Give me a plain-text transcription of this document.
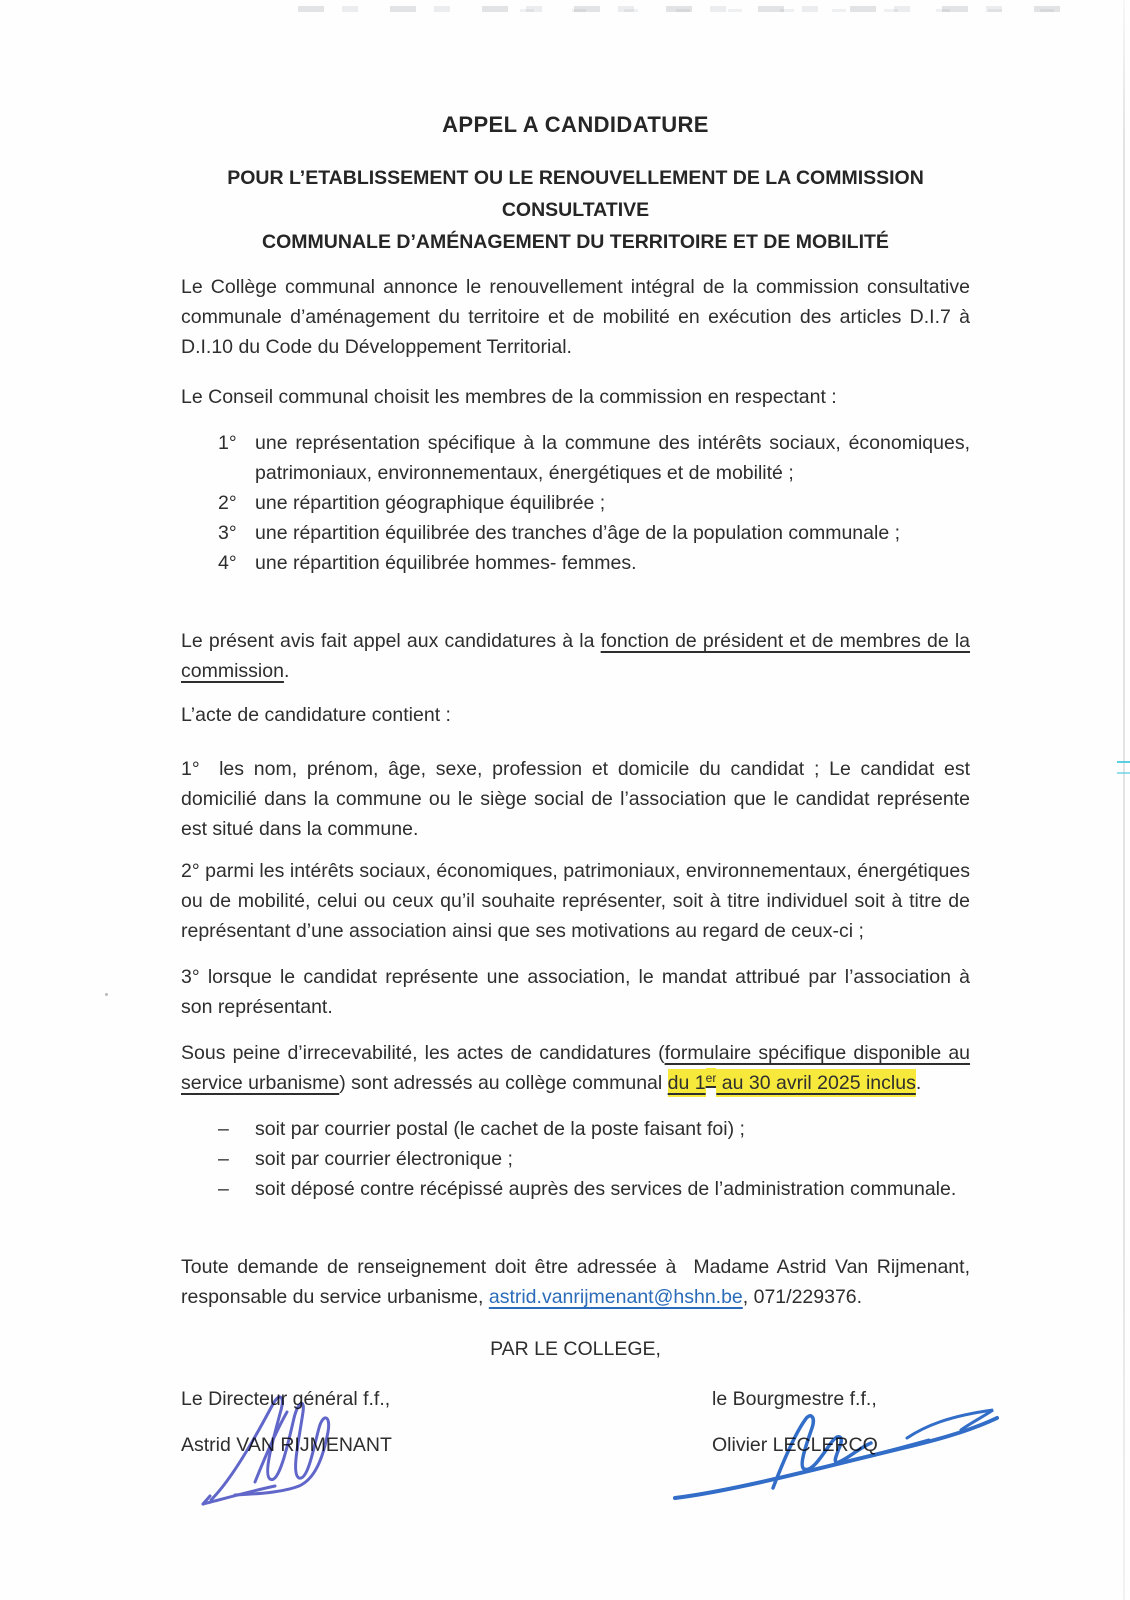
APPEL A CANDIDATURE

POUR L’ETABLISSEMENT OU LE RENOUVELLEMENT DE LA COMMISSION CONSULTATIVE
COMMUNALE D’AMÉNAGEMENT DU TERRITOIRE ET DE MOBILITÉ

Le Collège communal annonce le renouvellement intégral de la commission consultative communale d’aménagement du territoire et de mobilité en exécution des articles D.I.7 à D.I.10 du Code du Développement Territorial.

Le Conseil communal choisit les membres de la commission en respectant :

1° une représentation spécifique à la commune des intérêts sociaux, économiques, patrimoniaux, environnementaux, énergétiques et de mobilité ;
2° une répartition géographique équilibrée ;
3° une répartition équilibrée des tranches d’âge de la population communale ;
4° une répartition équilibrée hommes- femmes.

Le présent avis fait appel aux candidatures à la fonction de président et de membres de la commission.

L’acte de candidature contient :

1°  les nom, prénom, âge, sexe, profession et domicile du candidat ; Le candidat est domicilié dans la commune ou le siège social de l’association que le candidat représente est situé dans la commune.

2° parmi les intérêts sociaux, économiques, patrimoniaux, environnementaux, énergétiques ou de mobilité, celui ou ceux qu’il souhaite représenter, soit à titre individuel soit à titre de représentant d’une association ainsi que ses motivations au regard de ceux-ci ;

3° lorsque le candidat représente une association, le mandat attribué par l’association à son représentant.

Sous peine d’irrecevabilité, les actes de candidatures (formulaire spécifique disponible au service urbanisme) sont adressés au collège communal du 1er au 30 avril 2025 inclus.

– soit par courrier postal (le cachet de la poste faisant foi) ;
– soit par courrier électronique ;
– soit déposé contre récépissé auprès des services de l’administration communale.

Toute demande de renseignement doit être adressée à  Madame Astrid Van Rijmenant, responsable du service urbanisme, astrid.vanrijmenant@hshn.be, 071/229376.

PAR LE COLLEGE,

Le Directeur général f.f.,	le Bourgmestre f.f.,
Astrid VAN RIJMENANT	Olivier LECLERCQ
